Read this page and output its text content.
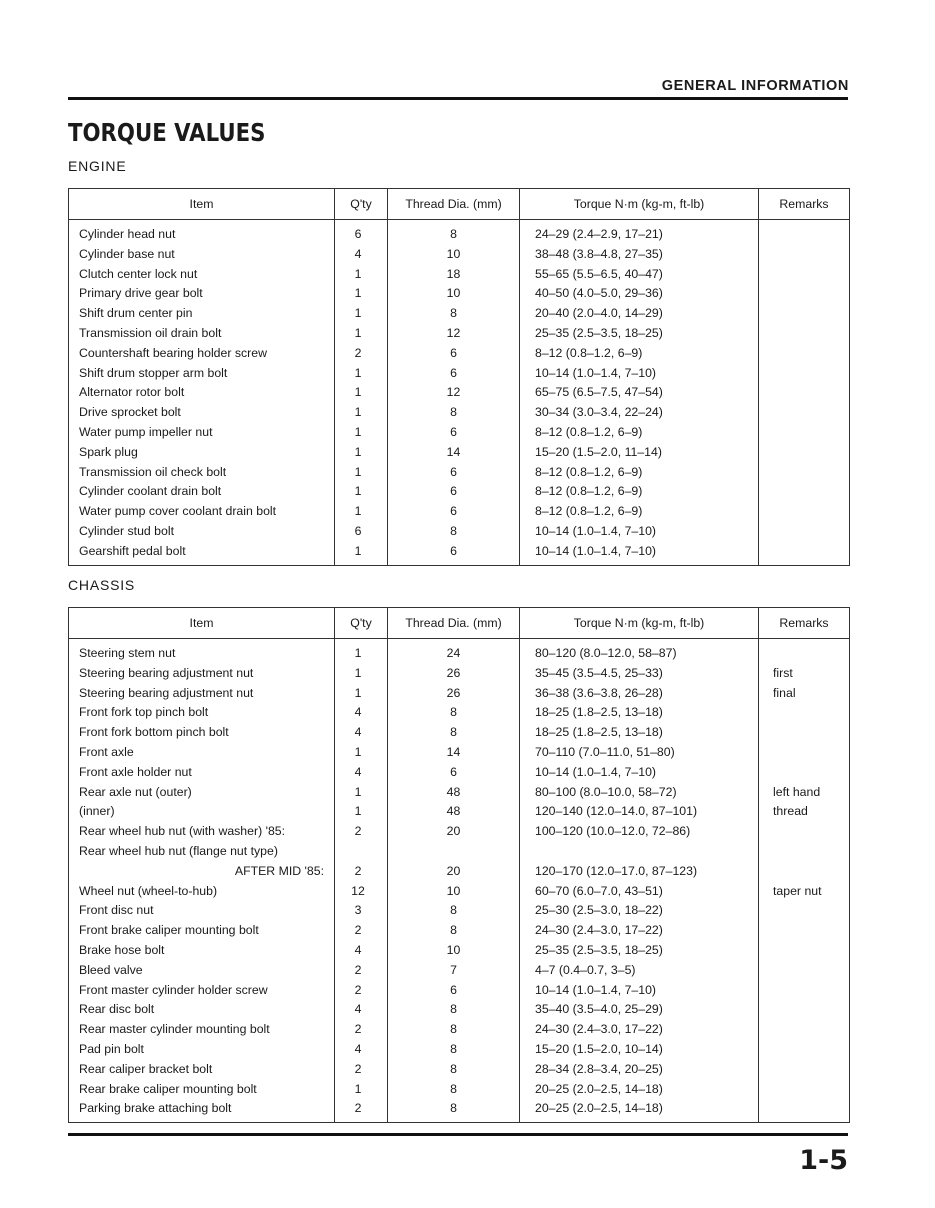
GENERAL INFORMATION
TORQUE VALUES
ENGINE
Item	Q'ty	Thread Dia. (mm)	Torque N·m (kg-m, ft-lb)	Remarks
Cylinder head nut	6	8	24–29 (2.4–2.9, 17–21)	
Cylinder base nut	4	10	38–48 (3.8–4.8, 27–35)	
Clutch center lock nut	1	18	55–65 (5.5–6.5, 40–47)	
Primary drive gear bolt	1	10	40–50 (4.0–5.0, 29–36)	
Shift drum center pin	1	8	20–40 (2.0–4.0, 14–29)	
Transmission oil drain bolt	1	12	25–35 (2.5–3.5, 18–25)	
Countershaft bearing holder screw	2	6	8–12 (0.8–1.2, 6–9)	
Shift drum stopper arm bolt	1	6	10–14 (1.0–1.4, 7–10)	
Alternator rotor bolt	1	12	65–75 (6.5–7.5, 47–54)	
Drive sprocket bolt	1	8	30–34 (3.0–3.4, 22–24)	
Water pump impeller nut	1	6	8–12 (0.8–1.2, 6–9)	
Spark plug	1	14	15–20 (1.5–2.0, 11–14)	
Transmission oil check bolt	1	6	8–12 (0.8–1.2, 6–9)	
Cylinder coolant drain bolt	1	6	8–12 (0.8–1.2, 6–9)	
Water pump cover coolant drain bolt	1	6	8–12 (0.8–1.2, 6–9)	
Cylinder stud bolt	6	8	10–14 (1.0–1.4, 7–10)	
Gearshift pedal bolt	1	6	10–14 (1.0–1.4, 7–10)	
CHASSIS
Item	Q'ty	Thread Dia. (mm)	Torque N·m (kg-m, ft-lb)	Remarks
Steering stem nut	1	24	80–120 (8.0–12.0, 58–87)	
Steering bearing adjustment nut	1	26	35–45 (3.5–4.5, 25–33)	first
Steering bearing adjustment nut	1	26	36–38 (3.6–3.8, 26–28)	final
Front fork top pinch bolt	4	8	18–25 (1.8–2.5, 13–18)	
Front fork bottom pinch bolt	4	8	18–25 (1.8–2.5, 13–18)	
Front axle	1	14	70–110 (7.0–11.0, 51–80)	
Front axle holder nut	4	6	10–14 (1.0–1.4, 7–10)	
Rear axle nut (outer)	1	48	80–100 (8.0–10.0, 58–72)	left hand
(inner)	1	48	120–140 (12.0–14.0, 87–101)	thread
Rear wheel hub nut (with washer) '85:	2	20	100–120 (10.0–12.0, 72–86)	
Rear wheel hub nut (flange nut type)				
AFTER MID '85:	2	20	120–170 (12.0–17.0, 87–123)	
Wheel nut (wheel-to-hub)	12	10	60–70 (6.0–7.0, 43–51)	taper nut
Front disc nut	3	8	25–30 (2.5–3.0, 18–22)	
Front brake caliper mounting bolt	2	8	24–30 (2.4–3.0, 17–22)	
Brake hose bolt	4	10	25–35 (2.5–3.5, 18–25)	
Bleed valve	2	7	4–7 (0.4–0.7, 3–5)	
Front master cylinder holder screw	2	6	10–14 (1.0–1.4, 7–10)	
Rear disc bolt	4	8	35–40 (3.5–4.0, 25–29)	
Rear master cylinder mounting bolt	2	8	24–30 (2.4–3.0, 17–22)	
Pad pin bolt	4	8	15–20 (1.5–2.0, 10–14)	
Rear caliper bracket bolt	2	8	28–34 (2.8–3.4, 20–25)	
Rear brake caliper mounting bolt	1	8	20–25 (2.0–2.5, 14–18)	
Parking brake attaching bolt	2	8	20–25 (2.0–2.5, 14–18)	
1-5
